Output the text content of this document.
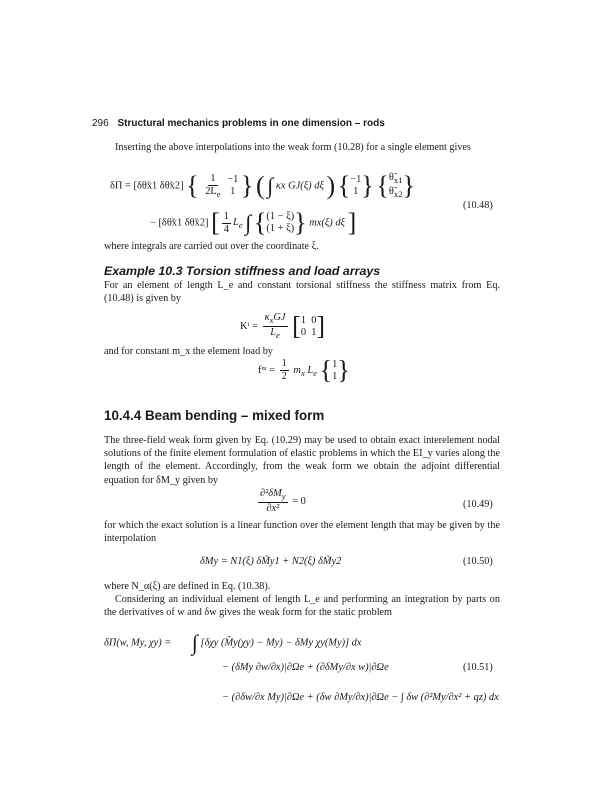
296 Structural mechanics problems in one dimension – rods
Inserting the above interpolations into the weak form (10.28) for a single element gives
δΠ = [δθ̃x1 δθ̃x2] { $\frac{1}{2L_e}$
−1
1 } ( ∫ κx GJ(ξ) dξ ) { −1
1 } { $\thetã_{x1}$
$\thetã_{x2}$ }
(10.48)
− [δθ̃x1 δθ̃x2] [ $\frac{1}{4} L_e$ ∫ { (1 − ξ)
(1 + ξ) } mx(ξ) dξ ]
where integrals are carried out over the coordinate ξ.
Example 10.3 Torsion stiffness and load arrays
For an element of length L_e and constant torsional stiffness the stiffness matrix from Eq. (10.48) is given by
Kᵗ = $\frac{\kappa_xGJ}{L_e}$ [ 1  0
0  1 ]
and for constant m_x the element load by
fᵐ = $\frac{1}{2} m_x$ $L_e$ { 1
1 }
10.4.4 Beam bending – mixed form
The three-field weak form given by Eq. (10.29) may be used to obtain exact interelement nodal solutions of the finite element formulation of elastic problems in which the EI_y varies along the length of the element. Accordingly, from the weak form we obtain the adjoint differential equation for δM_y given by
$\frac{\partial^2\delta M_y}{\text{∂x²}} = 0$	(10.49)
for which the exact solution is a linear function over the element length that may be given by the interpolation
δMy = N1(ξ) δM̃y1 + N2(ξ) δM̃y2	(10.50)
where N_α(ξ) are defined in Eq. (10.38).
Considering an individual element of length L_e and performing an integration by parts on the derivatives of w and δw gives the weak form for the static problem
δΠ(w, My, χy) = ∫ [δχy (M̂y(χy) − My) − δMy χy(My)] dx
− (δMy ∂w/∂x)|∂Ωe + (∂δMy/∂x w)|∂Ωe	(10.51)
− (∂δw/∂x My)|∂Ωe + (δw ∂My/∂x)|∂Ωe − ∫ δw (∂²My/∂x² + qz) dx
